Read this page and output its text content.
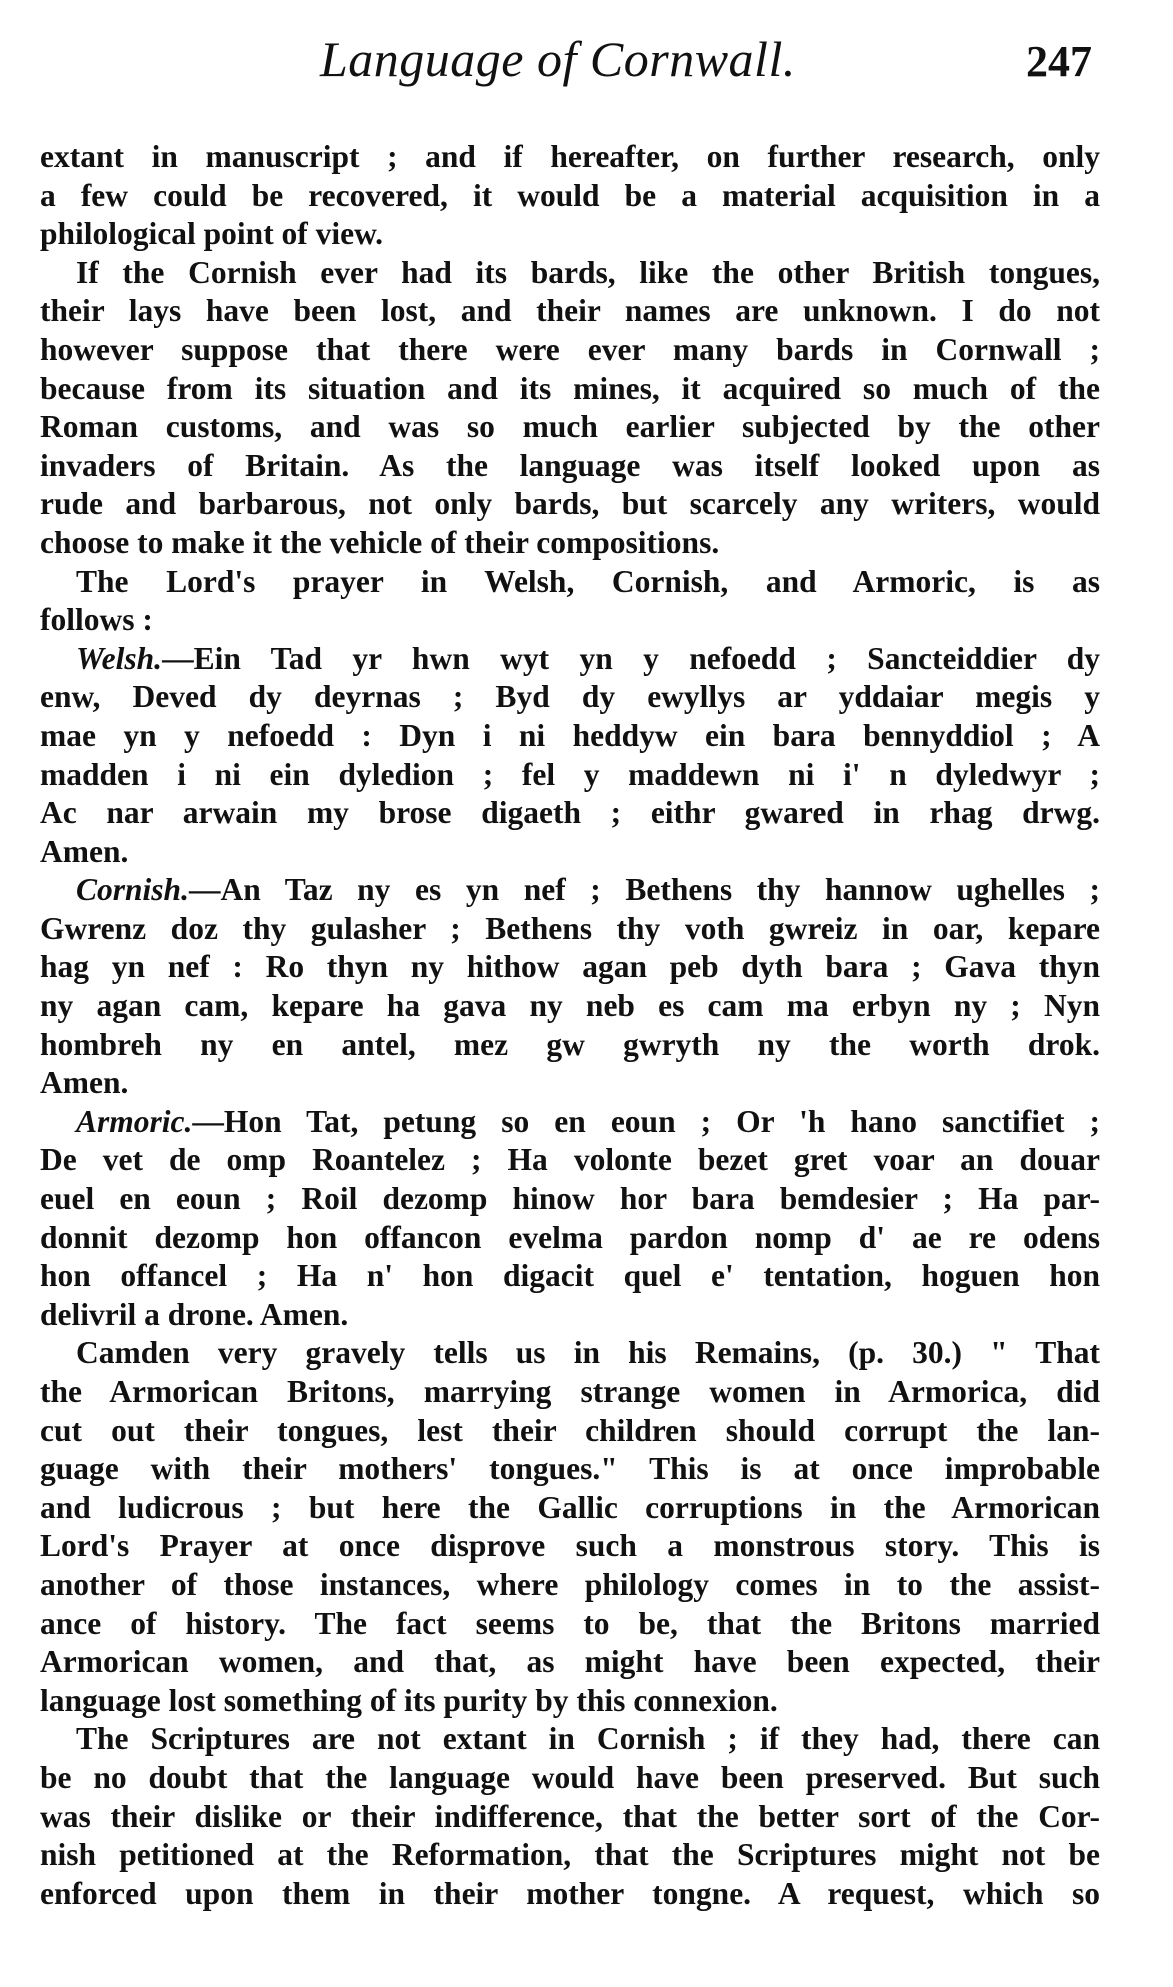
Language of Cornwall.	247

extant in manuscript ; and if hereafter, on further research, only
a few could be recovered, it would be a material acquisition in a
philological point of view.

If the Cornish ever had its bards, like the other British tongues,
their lays have been lost, and their names are unknown. I do not
however suppose that there were ever many bards in Cornwall ;
because from its situation and its mines, it acquired so much of the
Roman customs, and was so much earlier subjected by the other
invaders of Britain. As the language was itself looked upon as
rude and barbarous, not only bards, but scarcely any writers, would
choose to make it the vehicle of their compositions.

The Lord's prayer in Welsh, Cornish, and Armoric, is as
follows :

Welsh.—Ein Tad yr hwn wyt yn y nefoedd ; Sancteiddier dy
enw, Deved dy deyrnas ; Byd dy ewyllys ar yddaiar megis y
mae yn y nefoedd : Dyn i ni heddyw ein bara bennyddiol ; A
madden i ni ein dyledion ; fel y maddewn ni i' n dyledwyr ;
Ac nar arwain my brose digaeth ; eithr gwared in rhag drwg.
Amen.

Cornish.—An Taz ny es yn nef ; Bethens thy hannow ughelles ;
Gwrenz doz thy gulasher ; Bethens thy voth gwreiz in oar, kepare
hag yn nef : Ro thyn ny hithow agan peb dyth bara ; Gava thyn
ny agan cam, kepare ha gava ny neb es cam ma erbyn ny ; Nyn
hombreh ny en antel, mez gw gwryth ny the worth drok.
Amen.

Armoric.—Hon Tat, petung so en eoun ; Or 'h hano sanctifiet ;
De vet de omp Roantelez ; Ha volonte bezet gret voar an douar
euel en eoun ; Roil dezomp hinow hor bara bemdesier ; Ha par-
donnit dezomp hon offancon evelma pardon nomp d' ae re odens
hon offancel ; Ha n' hon digacit quel e' tentation, hoguen hon
delivril a drone. Amen.

Camden very gravely tells us in his Remains, (p. 30.) " That
the Armorican Britons, marrying strange women in Armorica, did
cut out their tongues, lest their children should corrupt the lan-
guage with their mothers' tongues." This is at once improbable
and ludicrous ; but here the Gallic corruptions in the Armorican
Lord's Prayer at once disprove such a monstrous story. This is
another of those instances, where philology comes in to the assist-
ance of history. The fact seems to be, that the Britons married
Armorican women, and that, as might have been expected, their
language lost something of its purity by this connexion.

The Scriptures are not extant in Cornish ; if they had, there can
be no doubt that the language would have been preserved. But such
was their dislike or their indifference, that the better sort of the Cor-
nish petitioned at the Reformation, that the Scriptures might not be
enforced upon them in their mother tongne. A request, which so
